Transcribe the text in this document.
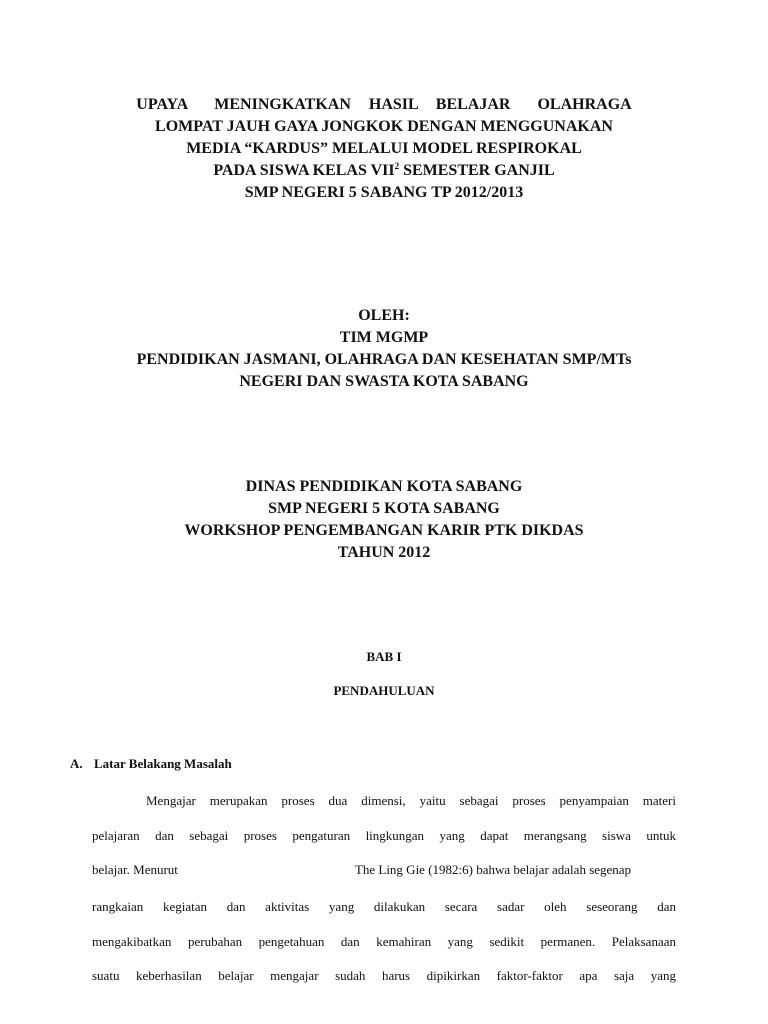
UPAYA   MENINGKATKAN  HASIL  BELAJAR   OLAHRAGA
LOMPAT JAUH GAYA JONGKOK DENGAN MENGGUNAKAN
MEDIA “KARDUS” MELALUI MODEL RESPIROKAL
PADA SISWA KELAS VII$^2$ SEMESTER GANJIL
SMP NEGERI 5 SABANG TP 2012/2013
OLEH:
TIM MGMP
PENDIDIKAN JASMANI, OLAHRAGA DAN KESEHATAN SMP/MTs
NEGERI DAN SWASTA KOTA SABANG
DINAS PENDIDIKAN KOTA SABANG
SMP NEGERI 5 KOTA SABANG
WORKSHOP PENGEMBANGAN KARIR PTK DIKDAS
TAHUN 2012
BAB I
PENDAHULUAN
A. Latar Belakang Masalah
Mengajar merupakan proses dua dimensi, yaitu sebagai proses penyampaian materi
pelajaran dan sebagai proses pengaturan lingkungan yang dapat merangsang siswa untuk
belajar. Menurut	The Ling Gie (1982:6) bahwa belajar adalah segenap
rangkaian kegiatan dan aktivitas yang dilakukan secara sadar oleh seseorang dan
mengakibatkan perubahan pengetahuan dan kemahiran yang sedikit permanen. Pelaksanaan
suatu keberhasilan belajar mengajar sudah harus dipikirkan faktor-faktor apa saja yang
